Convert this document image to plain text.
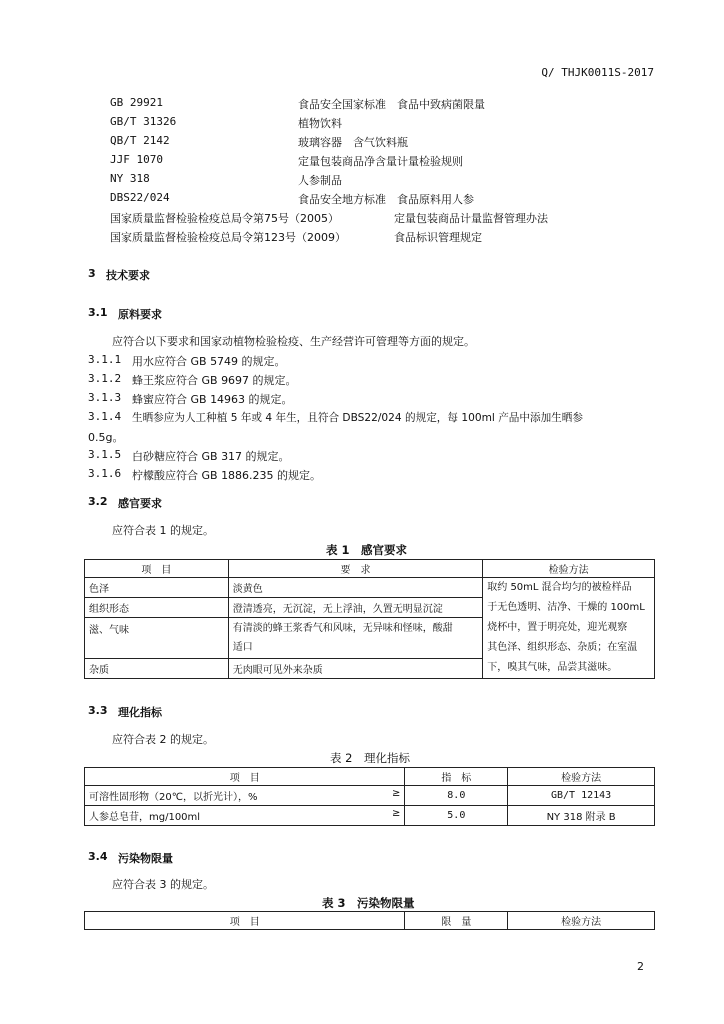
Q/ THJK0011S-2017
GB 29921	食品安全国家标准　食品中致病菌限量
GB/T 31326	植物饮料
QB/T 2142	玻璃容器　含气饮料瓶
JJF 1070	定量包装商品净含量计量检验规则
NY 318	人参制品
DBS22/024	食品安全地方标准　食品原料用人参
国家质量监督检验检疫总局令第75号（2005）	定量包装商品计量监督管理办法
国家质量监督检验检疫总局令第123号（2009）	食品标识管理规定
3 技术要求
3.1 原料要求
应符合以下要求和国家动植物检验检疫、生产经营许可管理等方面的规定。
3.1.1 用水应符合 GB 5749 的规定。
3.1.2 蜂王浆应符合 GB 9697 的规定。
3.1.3 蜂蜜应符合 GB 14963 的规定。
3.1.4 生晒参应为人工种植 5 年或 4 年生，且符合 DBS22/024 的规定，每 100ml 产品中添加生晒参
0.5g。
3.1.5 白砂糖应符合 GB 317 的规定。
3.1.6 柠檬酸应符合 GB 1886.235 的规定。
3.2 感官要求
应符合表 1 的规定。
表 1　感官要求
项　目	要　求	检验方法
色泽	淡黄色	取约 50mL 混合均匀的被检样品
于无色透明、洁净、干燥的 100mL
烧杯中，置于明亮处，迎光观察
其色泽、组织形态、杂质；在室温
下，嗅其气味，品尝其滋味。

组织形态	澄清透亮，无沉淀，无上浮油，久置无明显沉淀	
滋、气味	有清淡的蜂王浆香气和风味，无异味和怪味，酸甜
适口	

杂质	无肉眼可见外来杂质	
3.3 理化指标
应符合表 2 的规定。
表 2　理化指标
项　目	指　标	检验方法
可溶性固形物（20℃，以折光计），% ≥	8.0	GB/T 12143
人参总皂苷，mg/100ml ≥	5.0	NY 318 附录 B
3.4 污染物限量
应符合表 3 的规定。
表 3　污染物限量
项　目	限　量	检验方法
2
